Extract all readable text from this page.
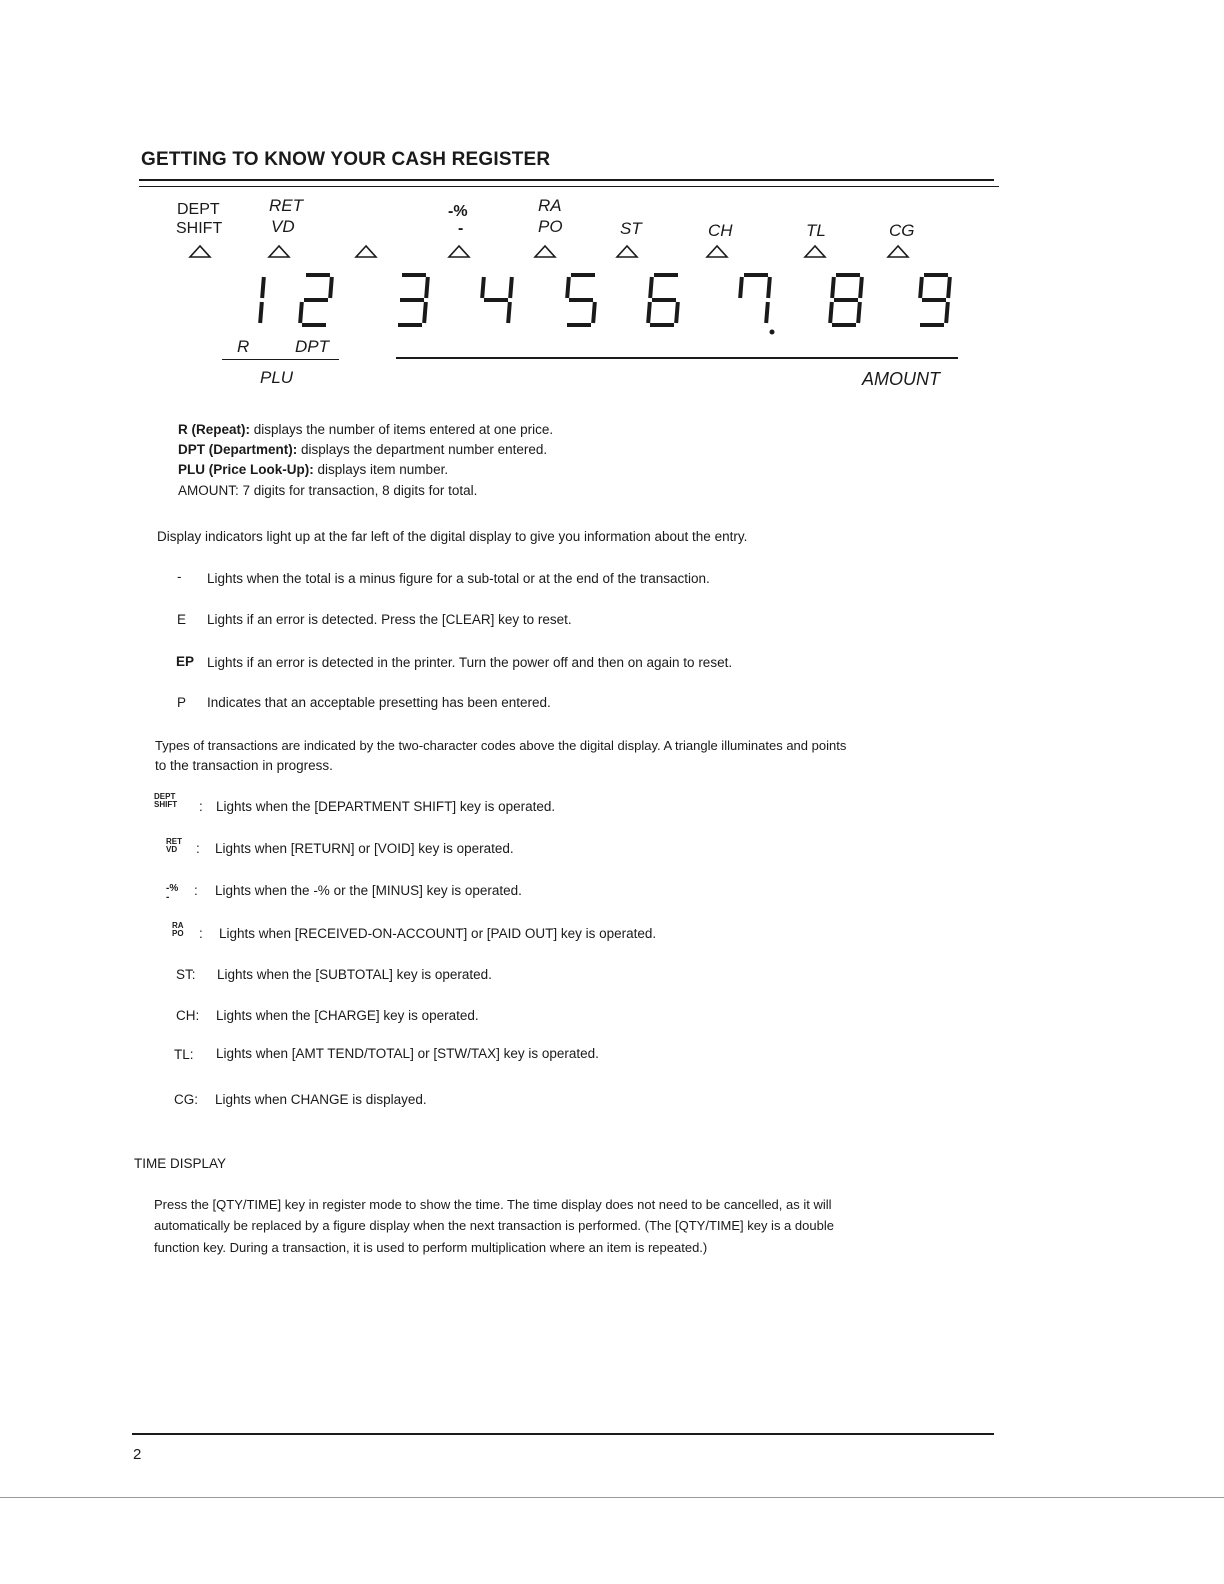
GETTING TO KNOW YOUR CASH REGISTER
DEPT
SHIFT
RET
VD
-%
-
RA
PO	ST	CH	TL	CG
R	DPT
PLU	AMOUNT
R (Repeat): displays the number of items entered at one price.
DPT (Department): displays the department number entered.
PLU (Price Look-Up): displays item number.
AMOUNT: 7 digits for transaction, 8 digits for total.
Display indicators light up at the far left of the digital display to give you information about the entry.
- Lights when the total is a minus figure for a sub-total or at the end of the transaction.
E Lights if an error is detected. Press the [CLEAR] key to reset.
EP Lights if an error is detected in the printer. Turn the power off and then on again to reset.
P Indicates that an acceptable presetting has been entered.
Types of transactions are indicated by the two-character codes above the digital display. A triangle illuminates and points
to the transaction in progress.
DEPT
SHIFT : Lights when the [DEPARTMENT SHIFT] key is operated.
RET
VD	: Lights when [RETURN] or [VOID] key is operated.
-%
-	: Lights when the -% or the [MINUS] key is operated.
RA
PO : Lights when [RECEIVED-ON-ACCOUNT] or [PAID OUT] key is operated.
ST: Lights when the [SUBTOTAL] key is operated.
CH: Lights when the [CHARGE] key is operated.
TL: Lights when [AMT TEND/TOTAL] or [STW/TAX] key is operated.
CG: Lights when CHANGE is displayed.
TIME DISPLAY
Press the [QTY/TIME] key in register mode to show the time. The time display does not need to be cancelled, as it will
automatically be replaced by a figure display when the next transaction is performed. (The [QTY/TIME] key is a double
function key. During a transaction, it is used to perform multiplication where an item is repeated.)
2
